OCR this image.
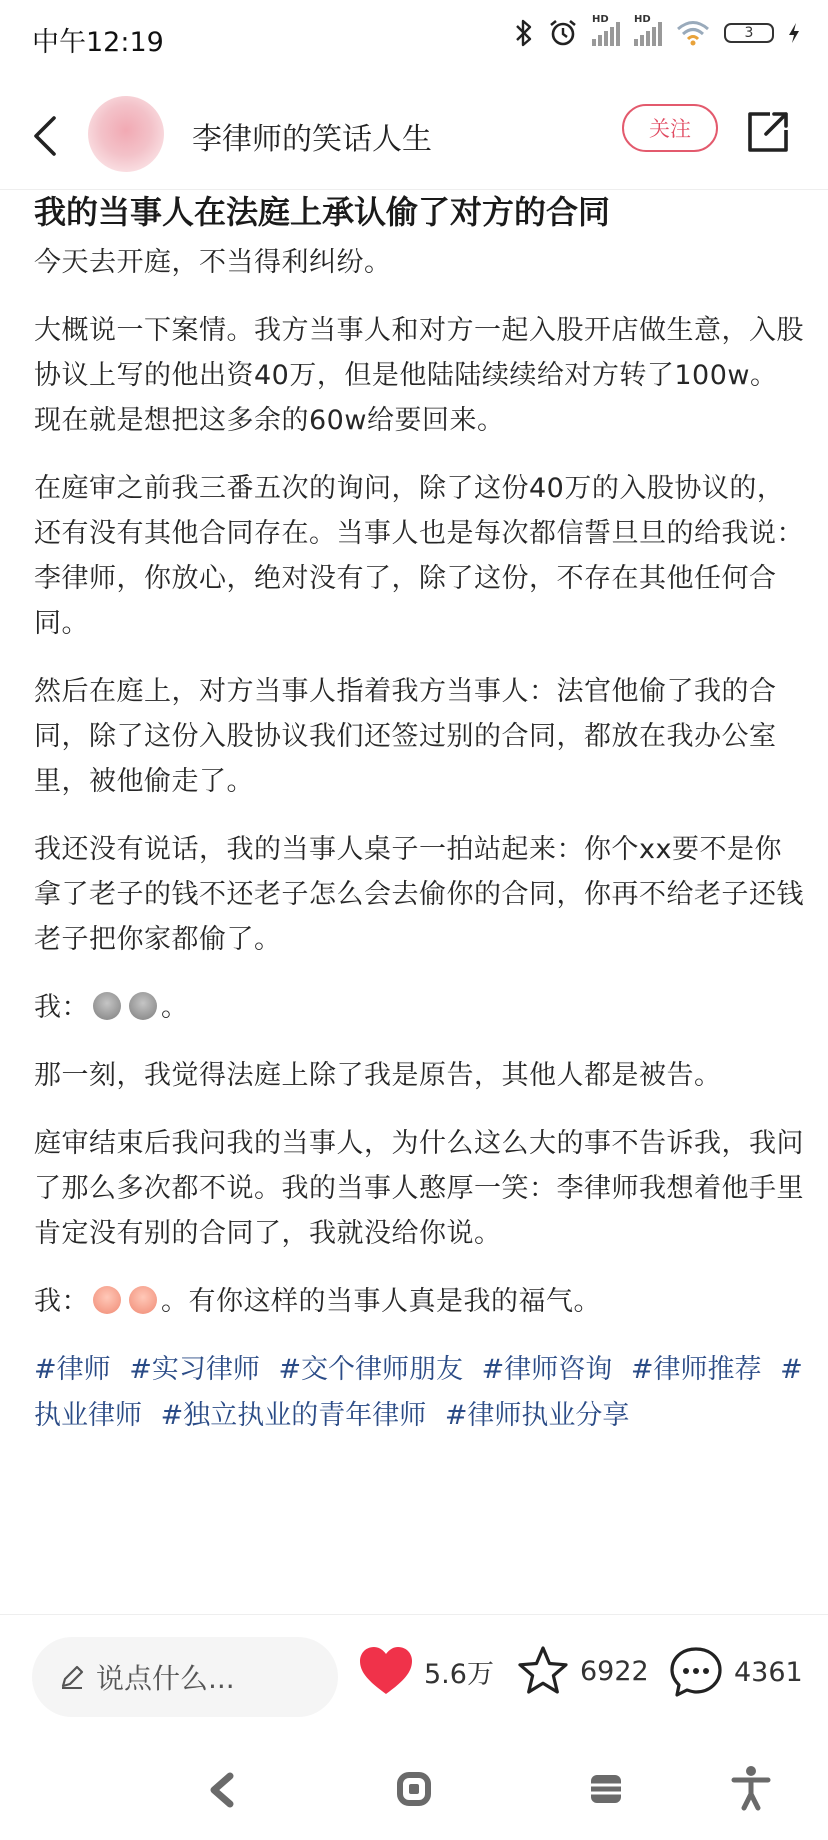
中午12:19
HD	HD
3
李律师的笑话人生	关注
我的当事人在法庭上承认偷了对方的合同

今天去开庭，不当得利纠纷。

大概说一下案情。我方当事人和对方一起入股开店做生意，入股协议上写的他出资40万，但是他陆陆续续给对方转了100w。现在就是想把这多余的60w给要回来。

在庭审之前我三番五次的询问，除了这份40万的入股协议的，还有没有其他合同存在。当事人也是每次都信誓旦旦的给我说：李律师，你放心，绝对没有了，除了这份，不存在其他任何合同。

然后在庭上，对方当事人指着我方当事人：法官他偷了我的合同，除了这份入股协议我们还签过别的合同，都放在我办公室里，被他偷走了。

我还没有说话，我的当事人桌子一拍站起来：你个xx要不是你拿了老子的钱不还老子怎么会去偷你的合同，你再不给老子还钱老子把你家都偷了。

我：	。

那一刻，我觉得法庭上除了我是原告，其他人都是被告。

庭审结束后我问我的当事人，为什么这么大的事不告诉我，我问了那么多次都不说。我的当事人憨厚一笑：李律师我想着他手里肯定没有别的合同了，我就没给你说。

我：	。有你这样的当事人真是我的福气。

#律师 #实习律师 #交个律师朋友 #律师咨询 #律师推荐 #执业律师 #独立执业的青年律师 #律师执业分享
说点什么...	5.6万	6922	4361
